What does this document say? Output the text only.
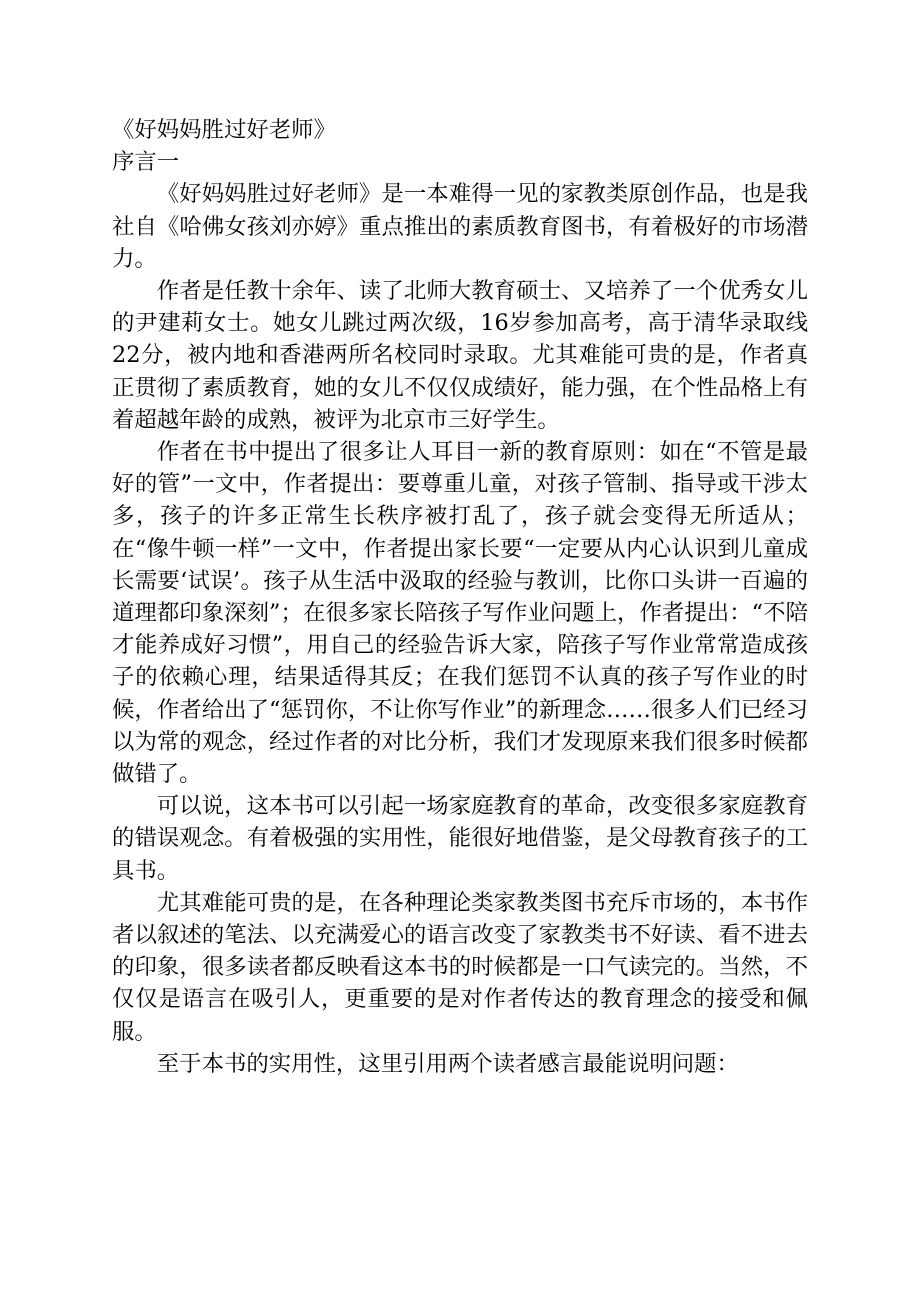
《好妈妈胜过好老师》

序言一

《好妈妈胜过好老师》是一本难得一见的家教类原创作品，也是我社自《哈佛女孩刘亦婷》重点推出的素质教育图书，有着极好的市场潜力。

作者是任教十余年、读了北师大教育硕士、又培养了一个优秀女儿的尹建莉女士。她女儿跳过两次级，16岁参加高考，高于清华录取线22分，被内地和香港两所名校同时录取。尤其难能可贵的是，作者真正贯彻了素质教育，她的女儿不仅仅成绩好，能力强，在个性品格上有着超越年龄的成熟，被评为北京市三好学生。

作者在书中提出了很多让人耳目一新的教育原则：如在“不管是最好的管”一文中，作者提出：要尊重儿童，对孩子管制、指导或干涉太多，孩子的许多正常生长秩序被打乱了，孩子就会变得无所适从；在“像牛顿一样”一文中，作者提出家长要“一定要从内心认识到儿童成长需要‘试误’。孩子从生活中汲取的经验与教训，比你口头讲一百遍的道理都印象深刻”；在很多家长陪孩子写作业问题上，作者提出：“不陪才能养成好习惯”，用自己的经验告诉大家，陪孩子写作业常常造成孩子的依赖心理，结果适得其反；在我们惩罚不认真的孩子写作业的时候，作者给出了“惩罚你，不让你写作业”的新理念……很多人们已经习以为常的观念，经过作者的对比分析，我们才发现原来我们很多时候都做错了。

可以说，这本书可以引起一场家庭教育的革命，改变很多家庭教育的错误观念。有着极强的实用性，能很好地借鉴，是父母教育孩子的工具书。

尤其难能可贵的是，在各种理论类家教类图书充斥市场的，本书作者以叙述的笔法、以充满爱心的语言改变了家教类书不好读、看不进去的印象，很多读者都反映看这本书的时候都是一口气读完的。当然，不仅仅是语言在吸引人，更重要的是对作者传达的教育理念的接受和佩服。

至于本书的实用性，这里引用两个读者感言最能说明问题：
